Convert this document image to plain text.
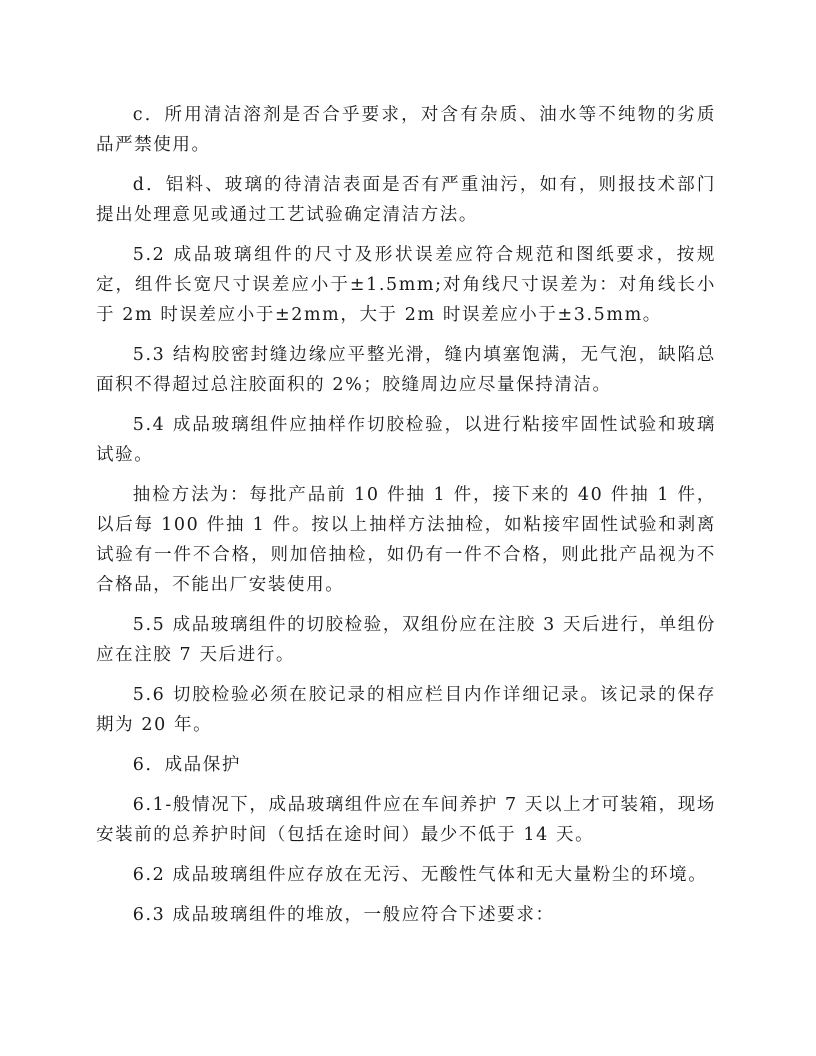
c．所用清洁溶剂是否合乎要求，对含有杂质、油水等不纯物的劣质品严禁使用。

d．铝料、玻璃的待清洁表面是否有严重油污，如有，则报技术部门提出处理意见或通过工艺试验确定清洁方法。

5.2 成品玻璃组件的尺寸及形状误差应符合规范和图纸要求，按规定，组件长宽尺寸误差应小于±1.5mm;对角线尺寸误差为：对角线长小于 2m 时误差应小于±2mm，大于 2m 时误差应小于±3.5mm。

5.3 结构胶密封缝边缘应平整光滑，缝内填塞饱满，无气泡，缺陷总面积不得超过总注胶面积的 2%；胶缝周边应尽量保持清洁。

5.4 成品玻璃组件应抽样作切胶检验，以进行粘接牢固性试验和玻璃试验。

抽检方法为：每批产品前 10 件抽 1 件，接下来的 40 件抽 1 件，以后每 100 件抽 1 件。按以上抽样方法抽检，如粘接牢固性试验和剥离试验有一件不合格，则加倍抽检，如仍有一件不合格，则此批产品视为不合格品，不能出厂安装使用。

5.5 成品玻璃组件的切胶检验，双组份应在注胶 3 天后进行，单组份应在注胶 7 天后进行。

5.6 切胶检验必须在胶记录的相应栏目内作详细记录。该记录的保存期为 20 年。

6．成品保护

6.1-般情况下，成品玻璃组件应在车间养护 7 天以上才可装箱，现场安装前的总养护时间（包括在途时间）最少不低于 14 天。

6.2 成品玻璃组件应存放在无污、无酸性气体和无大量粉尘的环境。

6.3 成品玻璃组件的堆放，一般应符合下述要求：
